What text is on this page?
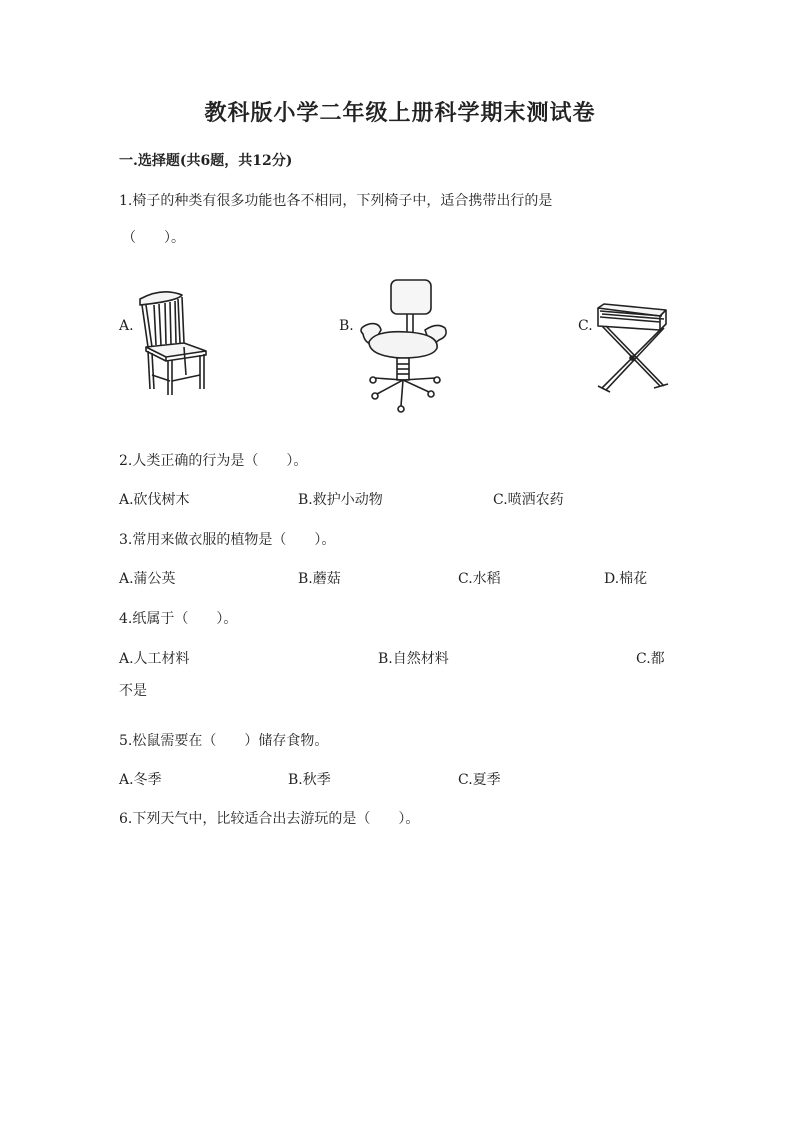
教科版小学二年级上册科学期末测试卷
一.选择题(共6题，共12分)
1.椅子的种类有很多功能也各不相同，下列椅子中，适合携带出行的是
（　　）。
A.	B.	C.
2.人类正确的行为是（　　）。
A.砍伐树木	B.救护小动物	C.喷洒农药
3.常用来做衣服的植物是（　　）。
A.蒲公英	B.蘑菇	C.水稻	D.棉花
4.纸属于（　　）。
A.人工材料	B.自然材料	C.都
不是
5.松鼠需要在（　　）储存食物。
A.冬季	B.秋季	C.夏季
6.下列天气中，比较适合出去游玩的是（　　）。
